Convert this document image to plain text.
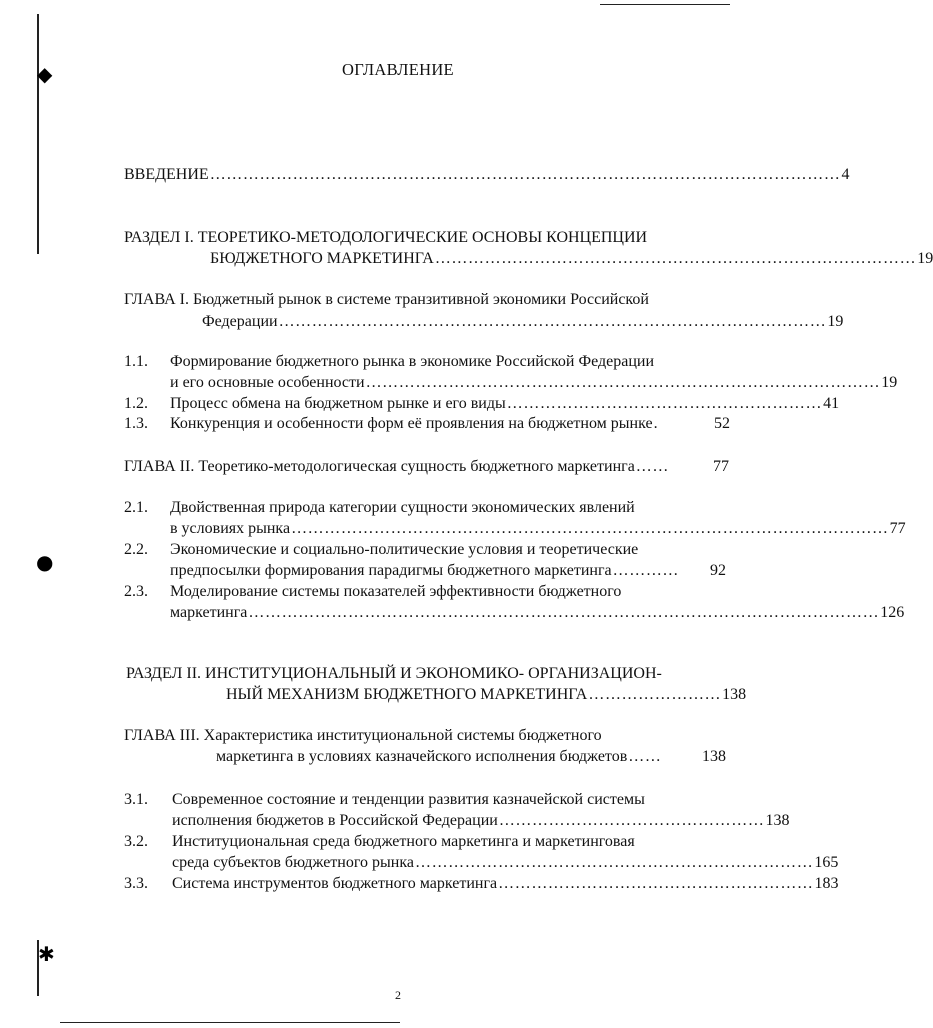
◆
●
✱
ОГЛАВЛЕНИЕ
ВВЕДЕНИЕ …………………………………………………………………………………………………… 4
РАЗДЕЛ I. ТЕОРЕТИКО-МЕТОДОЛОГИЧЕСКИЕ ОСНОВЫ КОНЦЕПЦИИ
БЮДЖЕТНОГО МАРКЕТИНГА …………………………………………………………………………… 19
ГЛАВА I. Бюджетный рынок в системе транзитивной экономики Российской
Федерации ……………………………………………………………………………………… 19
1.1. Формирование бюджетного рынка в экономике Российской Федерации
и его основные особенности ………………………………………………………………………………… 19
1.2. Процесс обмена на бюджетном рынке и его виды ………………………………………………… 41
1.3. Конкуренция и особенности форм её проявления на бюджетном рынке .	52
ГЛАВА II. Теоретико-методологическая сущность бюджетного маркетинга ……	77
2.1. Двойственная природа категории сущности экономических явлений
в условиях рынка ……………………………………………………………………………………………… 77
2.2. Экономические и социально-политические условия и теоретические
предпосылки формирования парадигмы бюджетного маркетинга …………	92
2.3. Моделирование системы показателей эффективности бюджетного
маркетинга …………………………………………………………………………………………………… 126
РАЗДЕЛ II. ИНСТИТУЦИОНАЛЬНЫЙ И ЭКОНОМИКО- ОРГАНИЗАЦИОН-
НЫЙ МЕХАНИЗМ БЮДЖЕТНОГО МАРКЕТИНГА …………………… 138
ГЛАВА III. Характеристика институциональной системы бюджетного
маркетинга в условиях казначейского исполнения бюджетов ……	138
3.1. Современное состояние и тенденции развития казначейской системы
исполнения бюджетов в Российской Федерации ………………………………………… 138
3.2. Институциональная среда бюджетного маркетинга и маркетинговая
среда субъектов бюджетного рынка ……………………………………………………………… 165
3.3. Система инструментов бюджетного маркетинга ………………………………………………… 183
2
